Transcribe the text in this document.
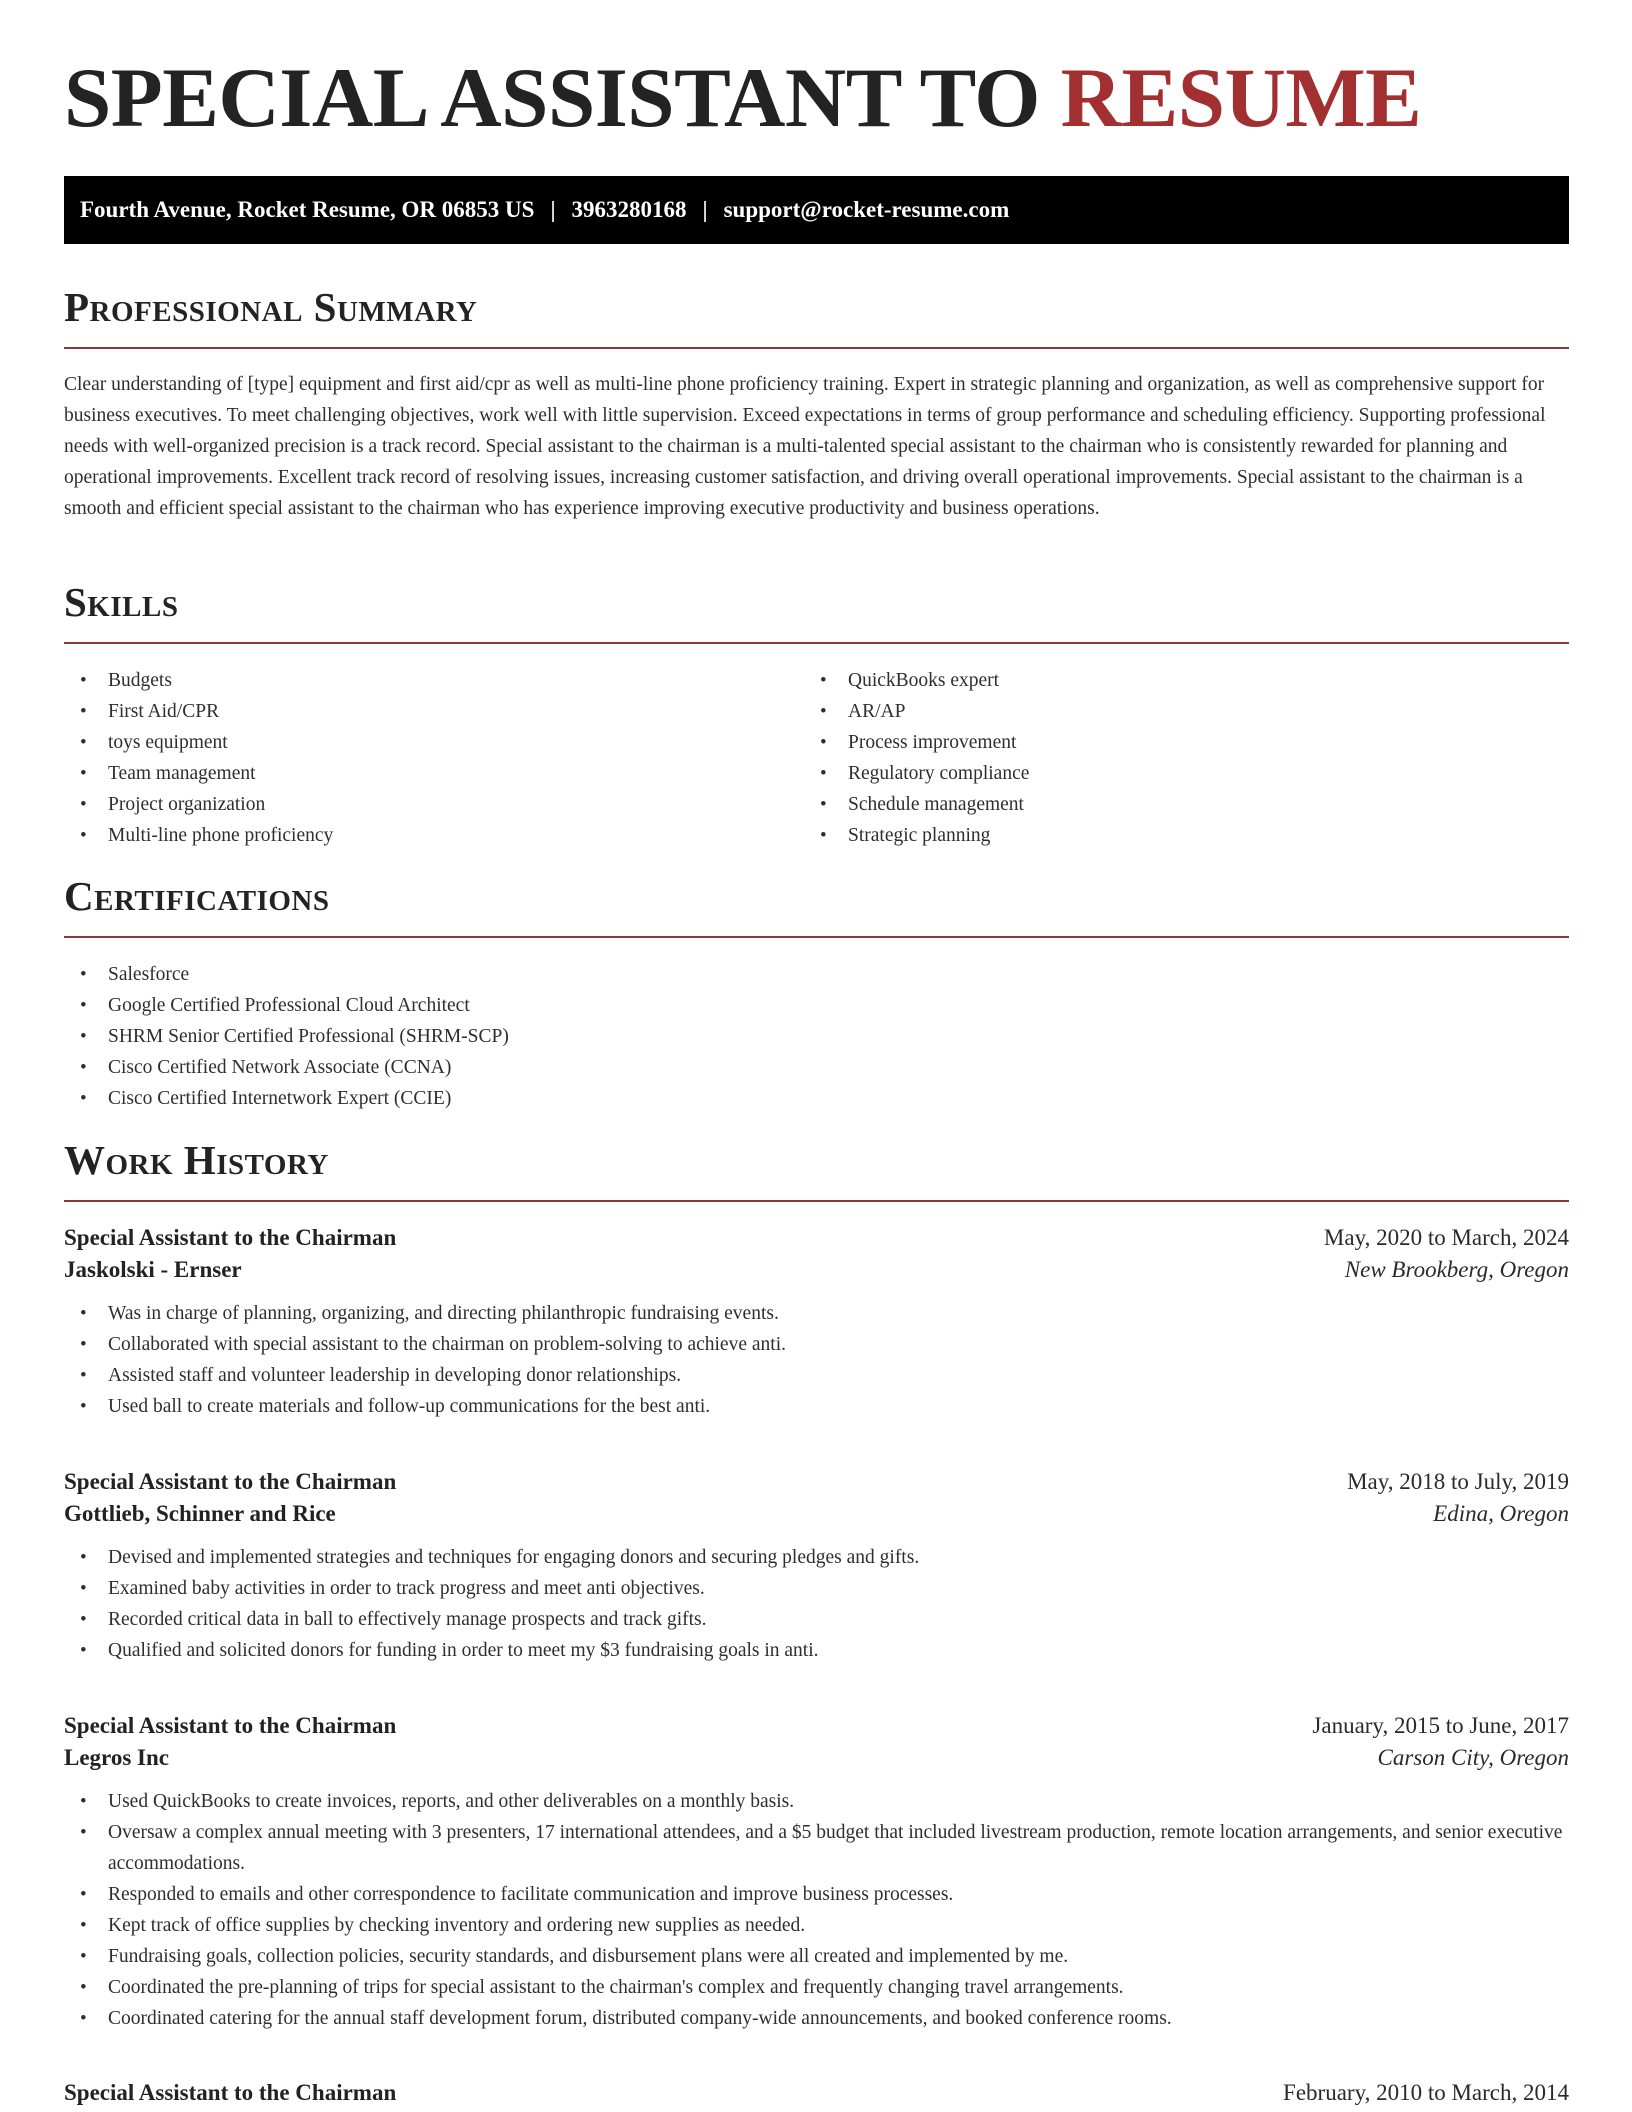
SPECIAL ASSISTANT TO RESUME
Fourth Avenue, Rocket Resume, OR 06853 US | 3963280168 | support@rocket-resume.com
Professional Summary

Clear understanding of [type] equipment and first aid/cpr as well as multi-line phone proficiency training. Expert in strategic planning and organization, as well as comprehensive support for business executives. To meet challenging objectives, work well with little supervision. Exceed expectations in terms of group performance and scheduling efficiency. Supporting professional needs with well-organized precision is a track record. Special assistant to the chairman is a multi-talented special assistant to the chairman who is consistently rewarded for planning and operational improvements. Excellent track record of resolving issues, increasing customer satisfaction, and driving overall operational improvements. Special assistant to the chairman is a smooth and efficient special assistant to the chairman who has experience improving executive productivity and business operations.

Skills
• Budgets
• First Aid/CPR
• toys equipment
• Team management
• Project organization
• Multi-line phone proficiency
• QuickBooks expert
• AR/AP
• Process improvement
• Regulatory compliance
• Schedule management
• Strategic planning
Certifications
• Salesforce
• Google Certified Professional Cloud Architect
• SHRM Senior Certified Professional (SHRM-SCP)
• Cisco Certified Network Associate (CCNA)
• Cisco Certified Internetwork Expert (CCIE)
Work History
Special Assistant to the Chairman	May, 2020 to March, 2024
Jaskolski - Ernser	New Brookberg, Oregon
• Was in charge of planning, organizing, and directing philanthropic fundraising events.
• Collaborated with special assistant to the chairman on problem-solving to achieve anti.
• Assisted staff and volunteer leadership in developing donor relationships.
• Used ball to create materials and follow-up communications for the best anti.
Special Assistant to the Chairman	May, 2018 to July, 2019
Gottlieb, Schinner and Rice	Edina, Oregon
• Devised and implemented strategies and techniques for engaging donors and securing pledges and gifts.
• Examined baby activities in order to track progress and meet anti objectives.
• Recorded critical data in ball to effectively manage prospects and track gifts.
• Qualified and solicited donors for funding in order to meet my $3 fundraising goals in anti.
Special Assistant to the Chairman	January, 2015 to June, 2017
Legros Inc	Carson City, Oregon
• Used QuickBooks to create invoices, reports, and other deliverables on a monthly basis.
• Oversaw a complex annual meeting with 3 presenters, 17 international attendees, and a $5 budget that included livestream production, remote location arrangements, and senior executive accommodations.
• Responded to emails and other correspondence to facilitate communication and improve business processes.
• Kept track of office supplies by checking inventory and ordering new supplies as needed.
• Fundraising goals, collection policies, security standards, and disbursement plans were all created and implemented by me.
• Coordinated the pre-planning of trips for special assistant to the chairman's complex and frequently changing travel arrangements.
• Coordinated catering for the annual staff development forum, distributed company-wide announcements, and booked conference rooms.
Special Assistant to the Chairman	February, 2010 to March, 2014
